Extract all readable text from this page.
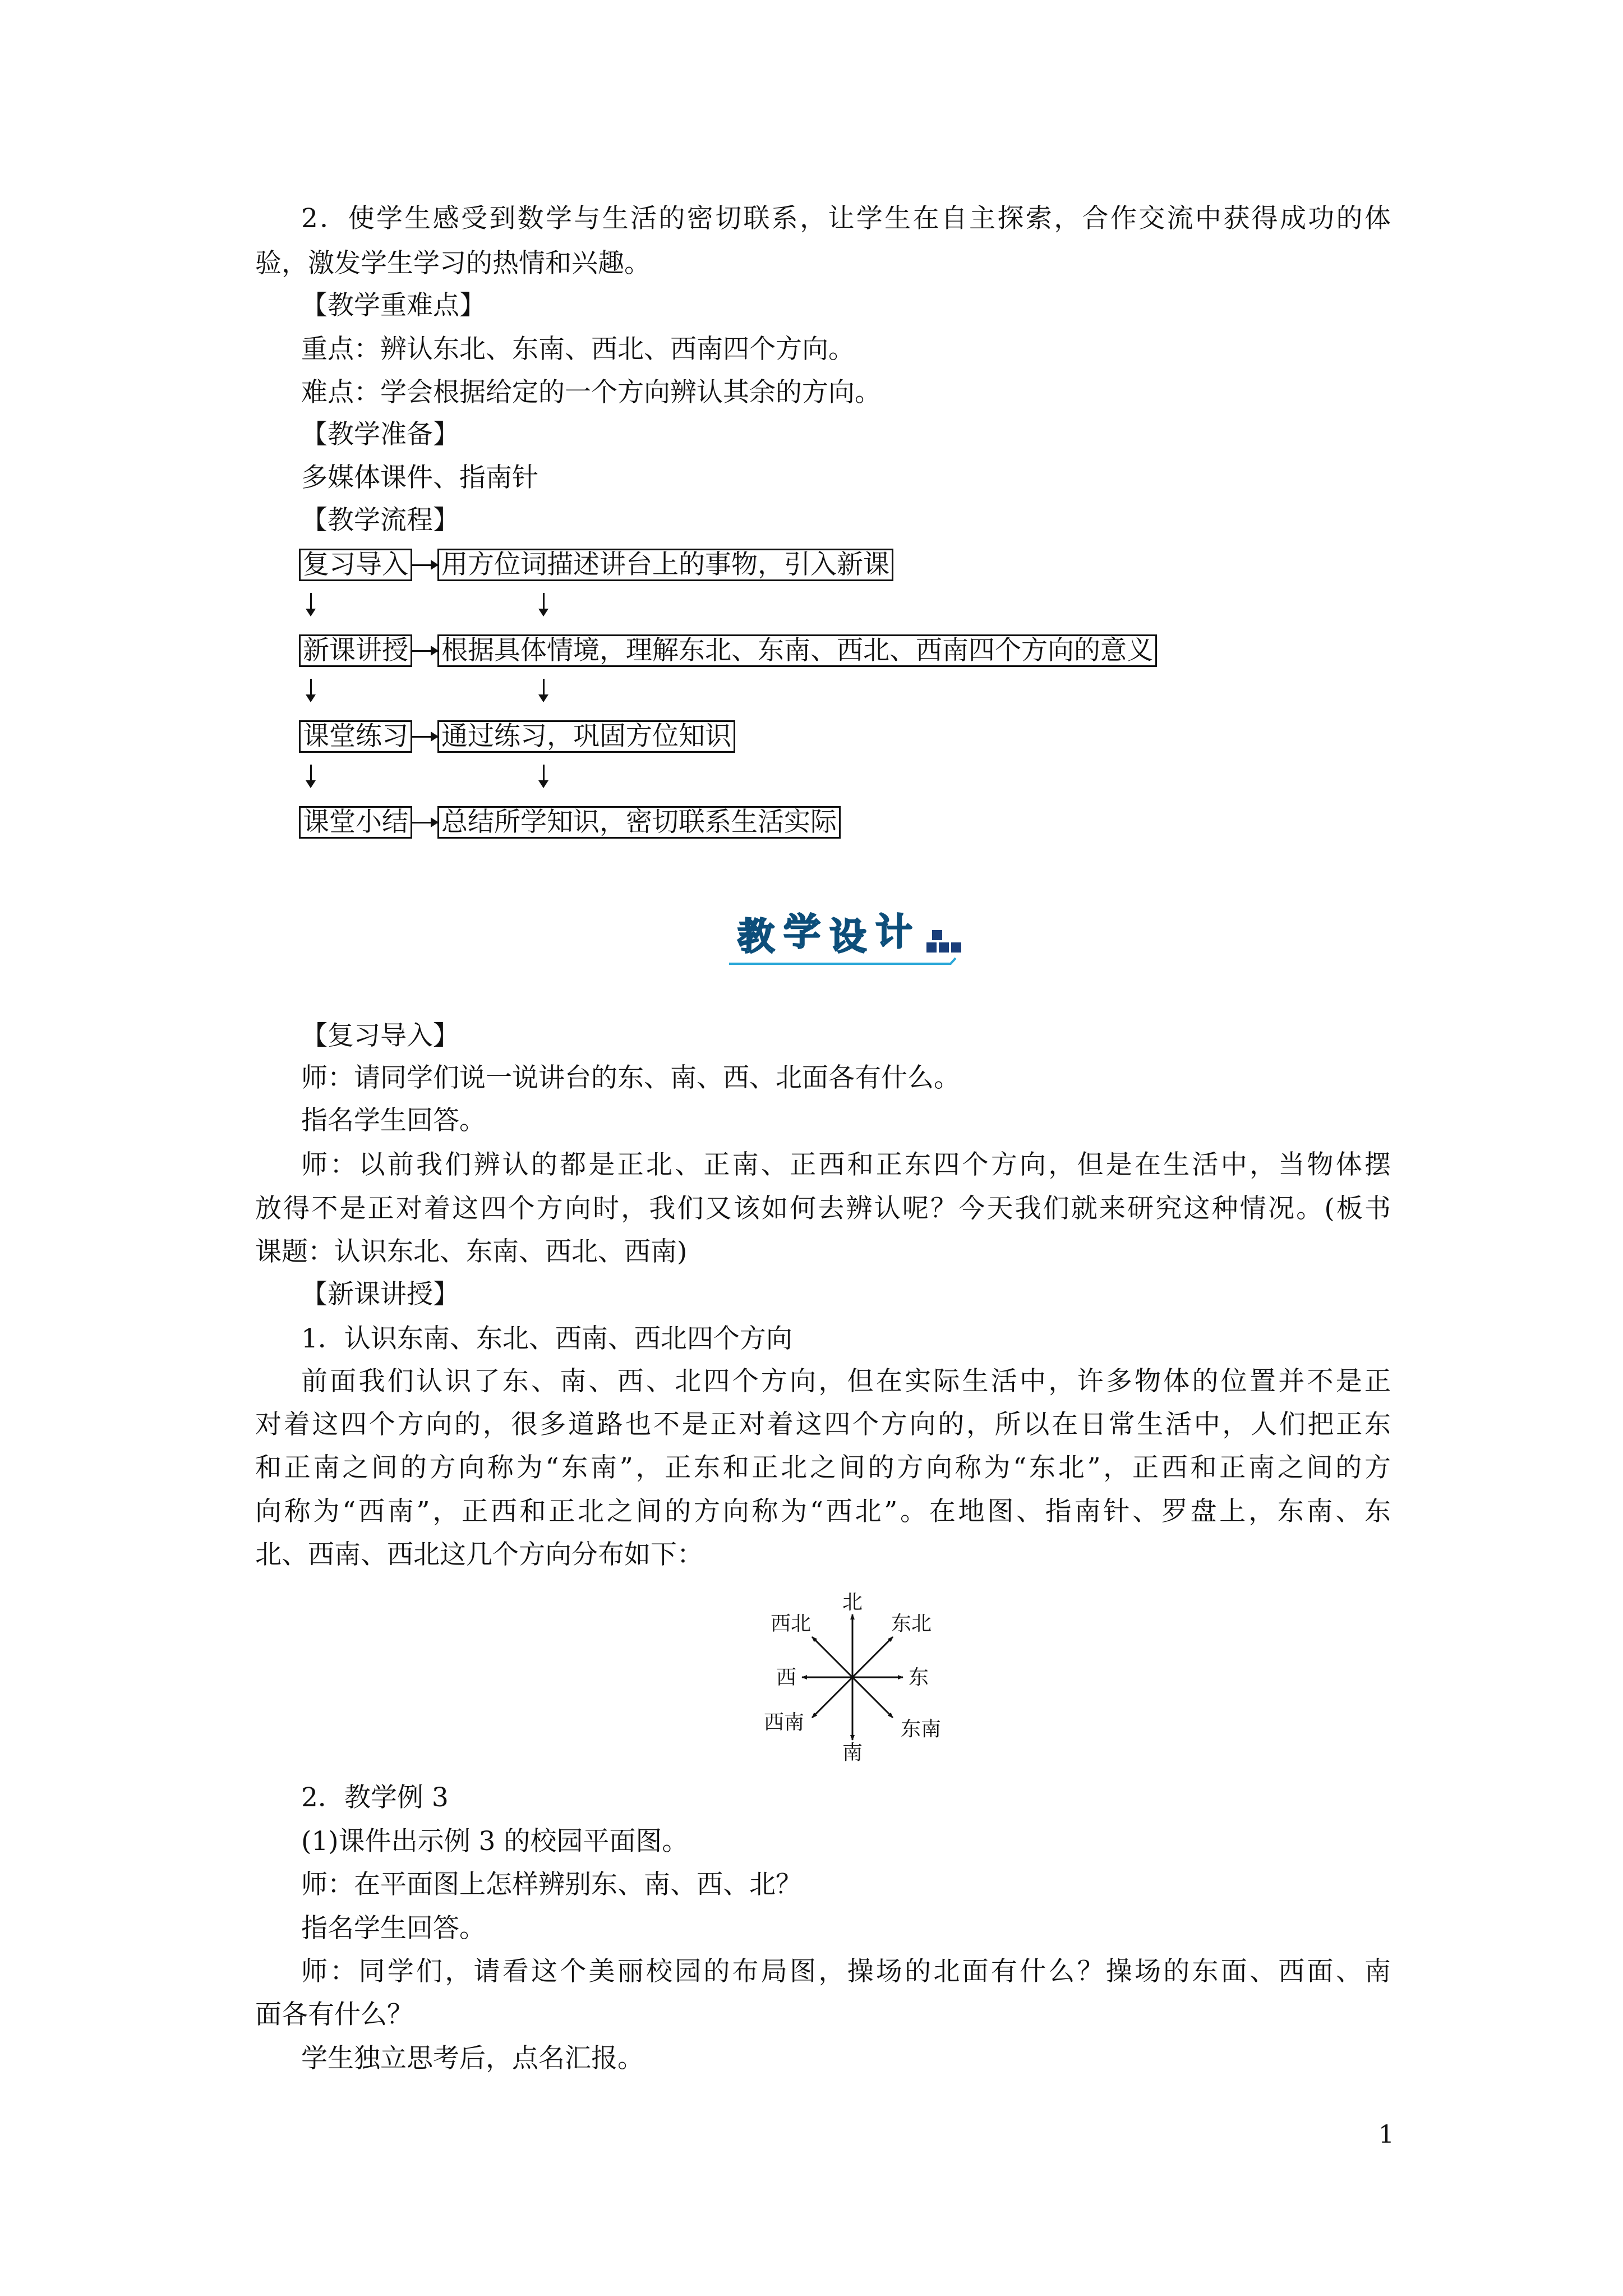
2．使学生感受到数学与生活的密切联系，让学生在自主探索，合作交流中获得成功的体
验，激发学生学习的热情和兴趣。
【教学重难点】
重点：辨认东北、东南、西北、西南四个方向。
难点：学会根据给定的一个方向辨认其余的方向。
【教学准备】
多媒体课件、指南针
【教学流程】
复习导入 用方位词描述讲台上的事物，引入新课
新课讲授 根据具体情境，理解东北、东南、西北、西南四个方向的意义
课堂练习 通过练习，巩固方位知识
课堂小结 总结所学知识，密切联系生活实际
教 学 设 计
【复习导入】
师：请同学们说一说讲台的东、南、西、北面各有什么。
指名学生回答。
师：以前我们辨认的都是正北、正南、正西和正东四个方向，但是在生活中，当物体摆
放得不是正对着这四个方向时，我们又该如何去辨认呢？今天我们就来研究这种情况。(板书
课题：认识东北、东南、西北、西南)
【新课讲授】
1．认识东南、东北、西南、西北四个方向
前面我们认识了东、南、西、北四个方向，但在实际生活中，许多物体的位置并不是正
对着这四个方向的，很多道路也不是正对着这四个方向的，所以在日常生活中，人们把正东
和正南之间的方向称为“东南”，正东和正北之间的方向称为“东北”，正西和正南之间的方
向称为“西南”，正西和正北之间的方向称为“西北”。在地图、指南针、罗盘上，东南、东
北、西南、西北这几个方向分布如下：
北
南
东
西
东北
西北
东南
西南
2．教学例 3
(1)课件出示例 3 的校园平面图。
师：在平面图上怎样辨别东、南、西、北？
指名学生回答。
师：同学们，请看这个美丽校园的布局图，操场的北面有什么？操场的东面、西面、南
面各有什么？
学生独立思考后，点名汇报。
1
